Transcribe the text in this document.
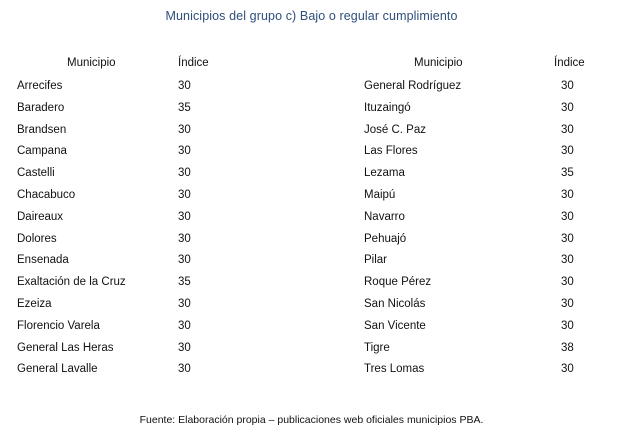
Municipios del grupo c) Bajo o regular cumplimiento
Municipio	Índice		Municipio	Índice
Arrecifes	30		General Rodríguez	30
Baradero	35		Ituzaingó	30
Brandsen	30		José C. Paz	30
Campana	30		Las Flores	30
Castelli	30		Lezama	35
Chacabuco	30		Maipú	30
Daireaux	30		Navarro	30
Dolores	30		Pehuajó	30
Ensenada	30		Pilar	30
Exaltación de la Cruz	35		Roque Pérez	30
Ezeiza	30		San Nicolás	30
Florencio Varela	30		San Vicente	30
General Las Heras	30		Tigre	38
General Lavalle	30		Tres Lomas	30
Fuente: Elaboración propia – publicaciones web oficiales municipios PBA.
